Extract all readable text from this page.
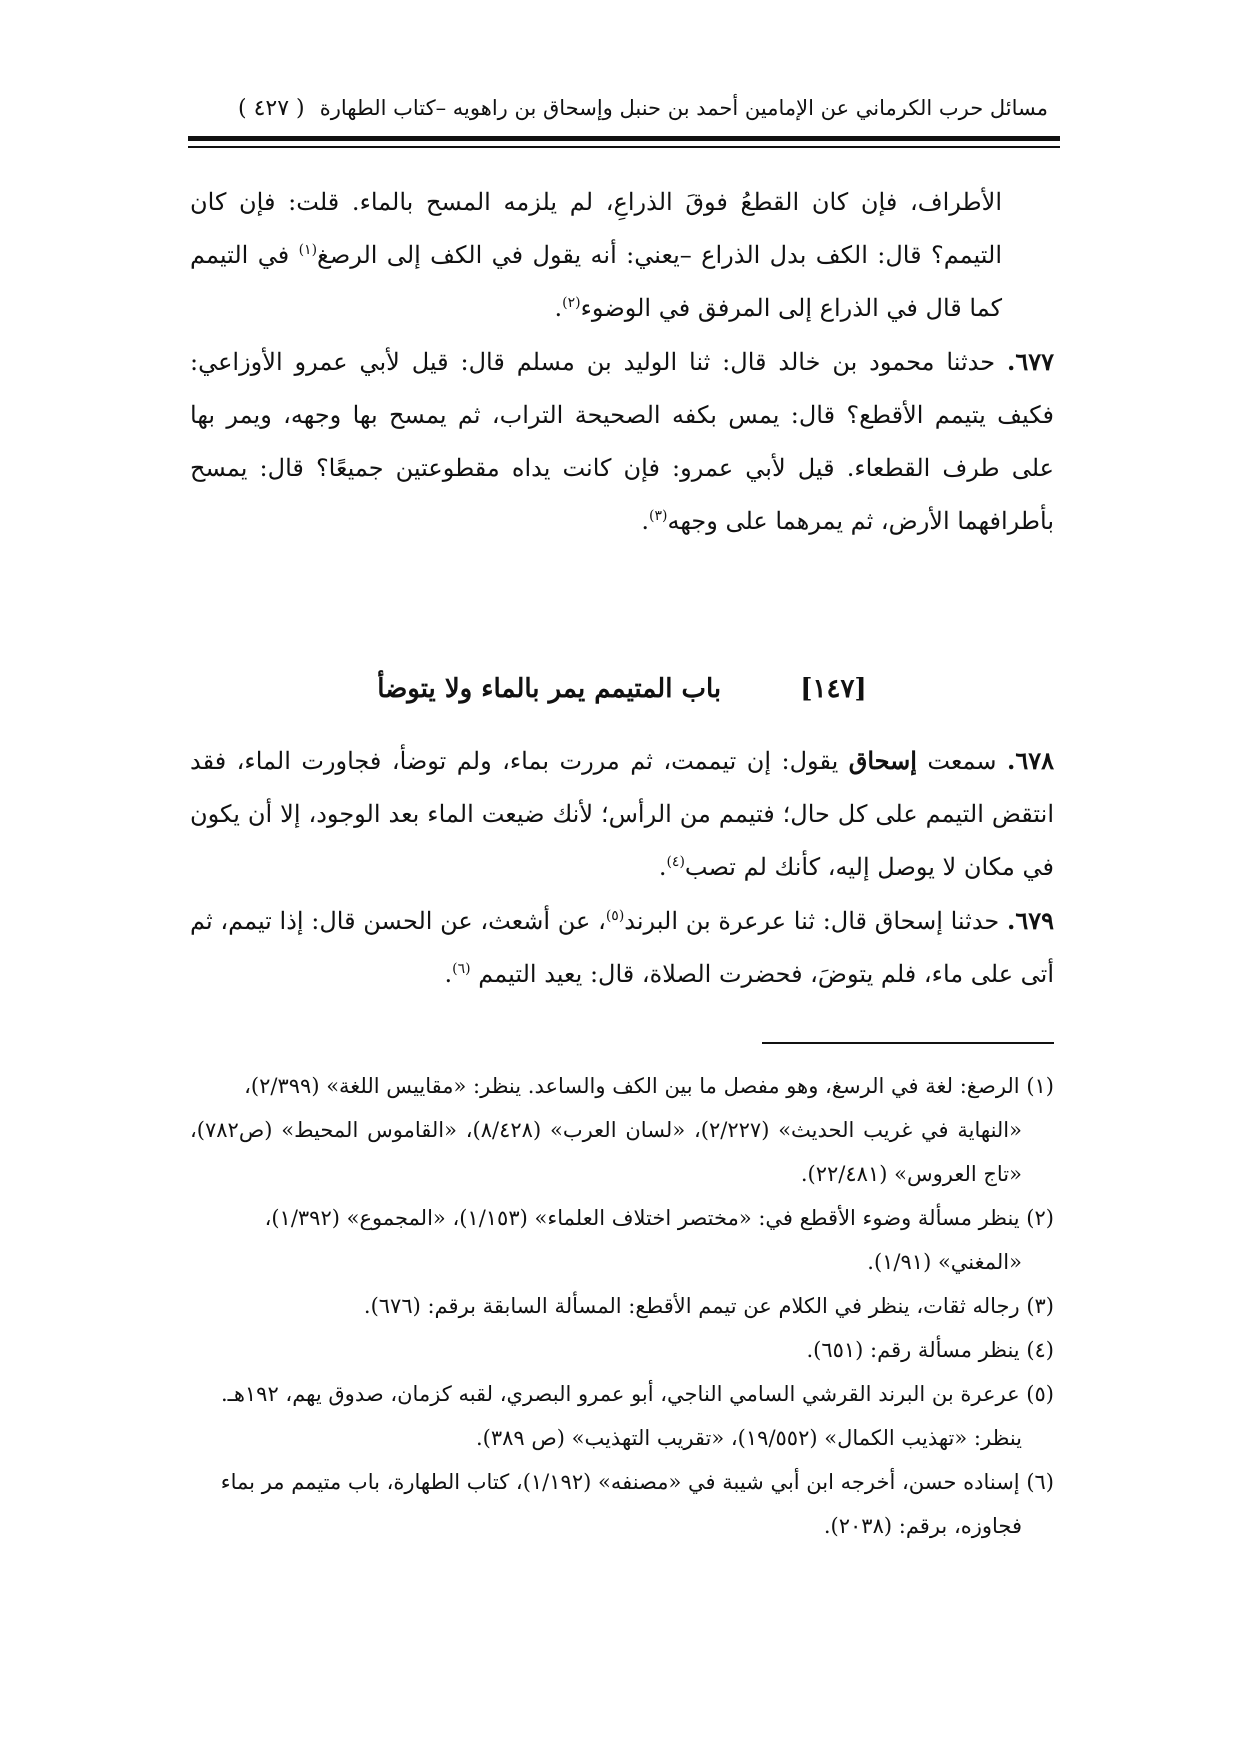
مسائل حرب الكرماني عن الإمامين أحمد بن حنبل وإسحاق بن راهويه –كتاب الطهارة
( ٤٢٧ )

الأطراف، فإن كان القطعُ فوقَ الذراعِ، لم يلزمه المسح بالماء. قلت: فإن كان التيمم؟ قال: الكف بدل الذراع –يعني: أنه يقول في الكف إلى الرصغ$^{(١)}$ في التيمم كما قال في الذراع إلى المرفق في الوضوء$^{(٢)}$.

٦٧٧. حدثنا محمود بن خالد قال: ثنا الوليد بن مسلم قال: قيل لأبي عمرو الأوزاعي: فكيف يتيمم الأقطع؟ قال: يمس بكفه الصحيحة التراب، ثم يمسح بها وجهه، ويمر بها على طرف القطعاء. قيل لأبي عمرو: فإن كانت يداه مقطوعتين جميعًا؟ قال: يمسح بأطرافهما الأرض، ثم يمرهما على وجهه$^{(٣)}$.

[١٤٧] باب المتيمم يمر بالماء ولا يتوضأ

٦٧٨. سمعت إسحاق يقول: إن تيممت، ثم مررت بماء، ولم توضأ، فجاورت الماء، فقد انتقض التيمم على كل حال؛ فتيمم من الرأس؛ لأنك ضيعت الماء بعد الوجود، إلا أن يكون في مكان لا يوصل إليه، كأنك لم تصب$^{(٤)}$.

٦٧٩. حدثنا إسحاق قال: ثنا عرعرة بن البرند$^{(٥)}$، عن أشعث، عن الحسن قال: إذا تيمم، ثم أتى على ماء، فلم يتوضَ، فحضرت الصلاة، قال: يعيد التيمم $^{(٦)}$.

(١) الرصغ: لغة في الرسغ، وهو مفصل ما بين الكف والساعد. ينظر: «مقاييس اللغة» (٢/٣٩٩)،
«النهاية في غريب الحديث» (٢/٢٢٧)، «لسان العرب» (٨/٤٢٨)، «القاموس المحيط» (ص٧٨٢)، «تاج العروس» (٢٢/٤٨١).

(٢) ينظر مسألة وضوء الأقطع في: «مختصر اختلاف العلماء» (١/١٥٣)، «المجموع» (١/٣٩٢)،
«المغني» (١/٩١).

(٣) رجاله ثقات، ينظر في الكلام عن تيمم الأقطع: المسألة السابقة برقم: (٦٧٦).

(٤) ينظر مسألة رقم: (٦٥١).

(٥) عرعرة بن البرند القرشي السامي الناجي، أبو عمرو البصري، لقبه كزمان، صدوق يهم، ١٩٢هـ.
ينظر: «تهذيب الكمال» (١٩/٥٥٢)، «تقريب التهذيب» (ص ٣٨٩).

(٦) إسناده حسن، أخرجه ابن أبي شيبة في «مصنفه» (١/١٩٢)، كتاب الطهارة، باب متيمم مر بماء
فجاوزه، برقم: (٢٠٣٨).
